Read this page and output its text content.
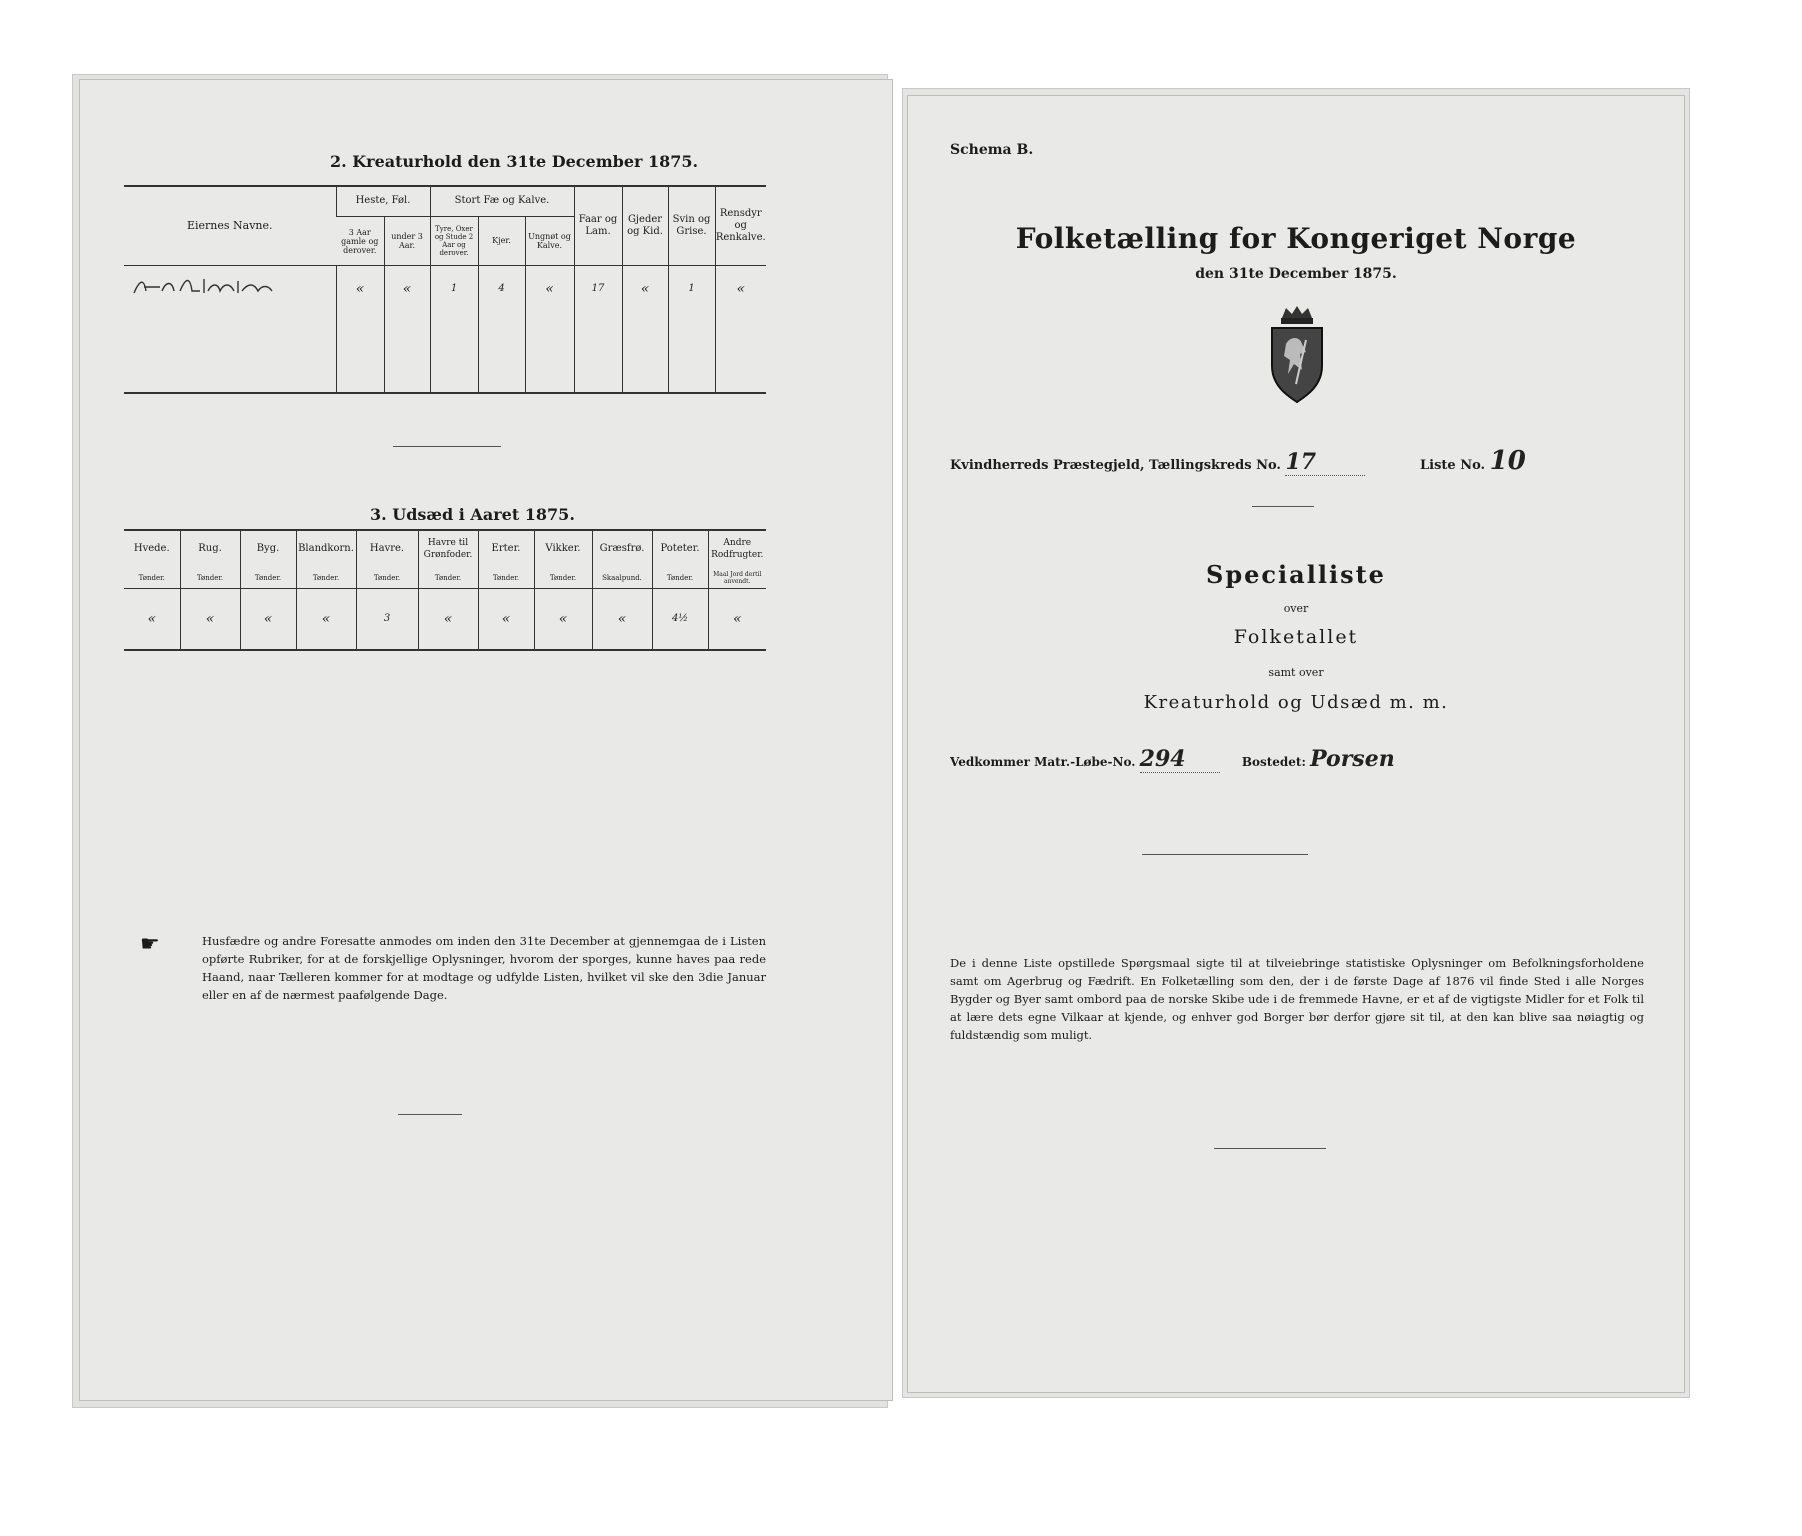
2. Kreaturhold den 31te December 1875.
Eiernes Navne.	Heste, Føl.		Stort Fæ og Kalve.			Faar og Lam.	Gjeder og Kid.	Svin og Grise.	Rensdyr og Renkalve.
	3 Aar gamle og derover.	under 3 Aar.	Tyre, Oxer og Stude 2 Aar og derover.	Kjer.	Ungnøt og Kalve.				
	«	«	1	4	«	17	«	1	«

3. Udsæd i Aaret 1875.
Hvede.	Rug.	Byg.	Blandkorn.	Havre.	Havre til Grønfoder.	Erter.	Vikker.	Græsfrø.	Poteter.	Andre Rodfrugter.
Tønder.	Tønder.	Tønder.	Tønder.	Tønder.	Tønder.	Tønder.	Tønder.	Skaalpund.	Tønder.	Maal Jord dertil anvendt.
«	«	«	«	3	«	«	«	«	4½	«
☛	Husfædre og andre Foresatte anmodes om inden den 31te December at gjennemgaa de i Listen opførte Rubriker, for at de forskjellige Oplysninger, hvorom der sporges, kunne haves paa rede Haand, naar Tælleren kommer for at modtage og udfylde Listen, hvilket vil ske den 3die Januar eller en af de nærmest paafølgende Dage.
Schema B.
Folketælling for Kongeriget Norge
den 31te December 1875.
Kvindherreds Præstegjeld, Tællingskreds No. 17	Liste No. 10
Specialliste
over
Folketallet
samt over
Kreaturhold og Udsæd m. m.
Vedkommer Matr.-Løbe-No. 294	Bostedet: Porsen
De i denne Liste opstillede Spørgsmaal sigte til at tilveiebringe statistiske Oplysninger om Befolkningsforholdene samt om Agerbrug og Fædrift. En Folketælling som den, der i de første Dage af 1876 vil finde Sted i alle Norges Bygder og Byer samt ombord paa de norske Skibe ude i de fremmede Havne, er et af de vigtigste Midler for et Folk til at lære dets egne Vilkaar at kjende, og enhver god Borger bør derfor gjøre sit til, at den kan blive saa nøiagtig og fuldstændig som muligt.
